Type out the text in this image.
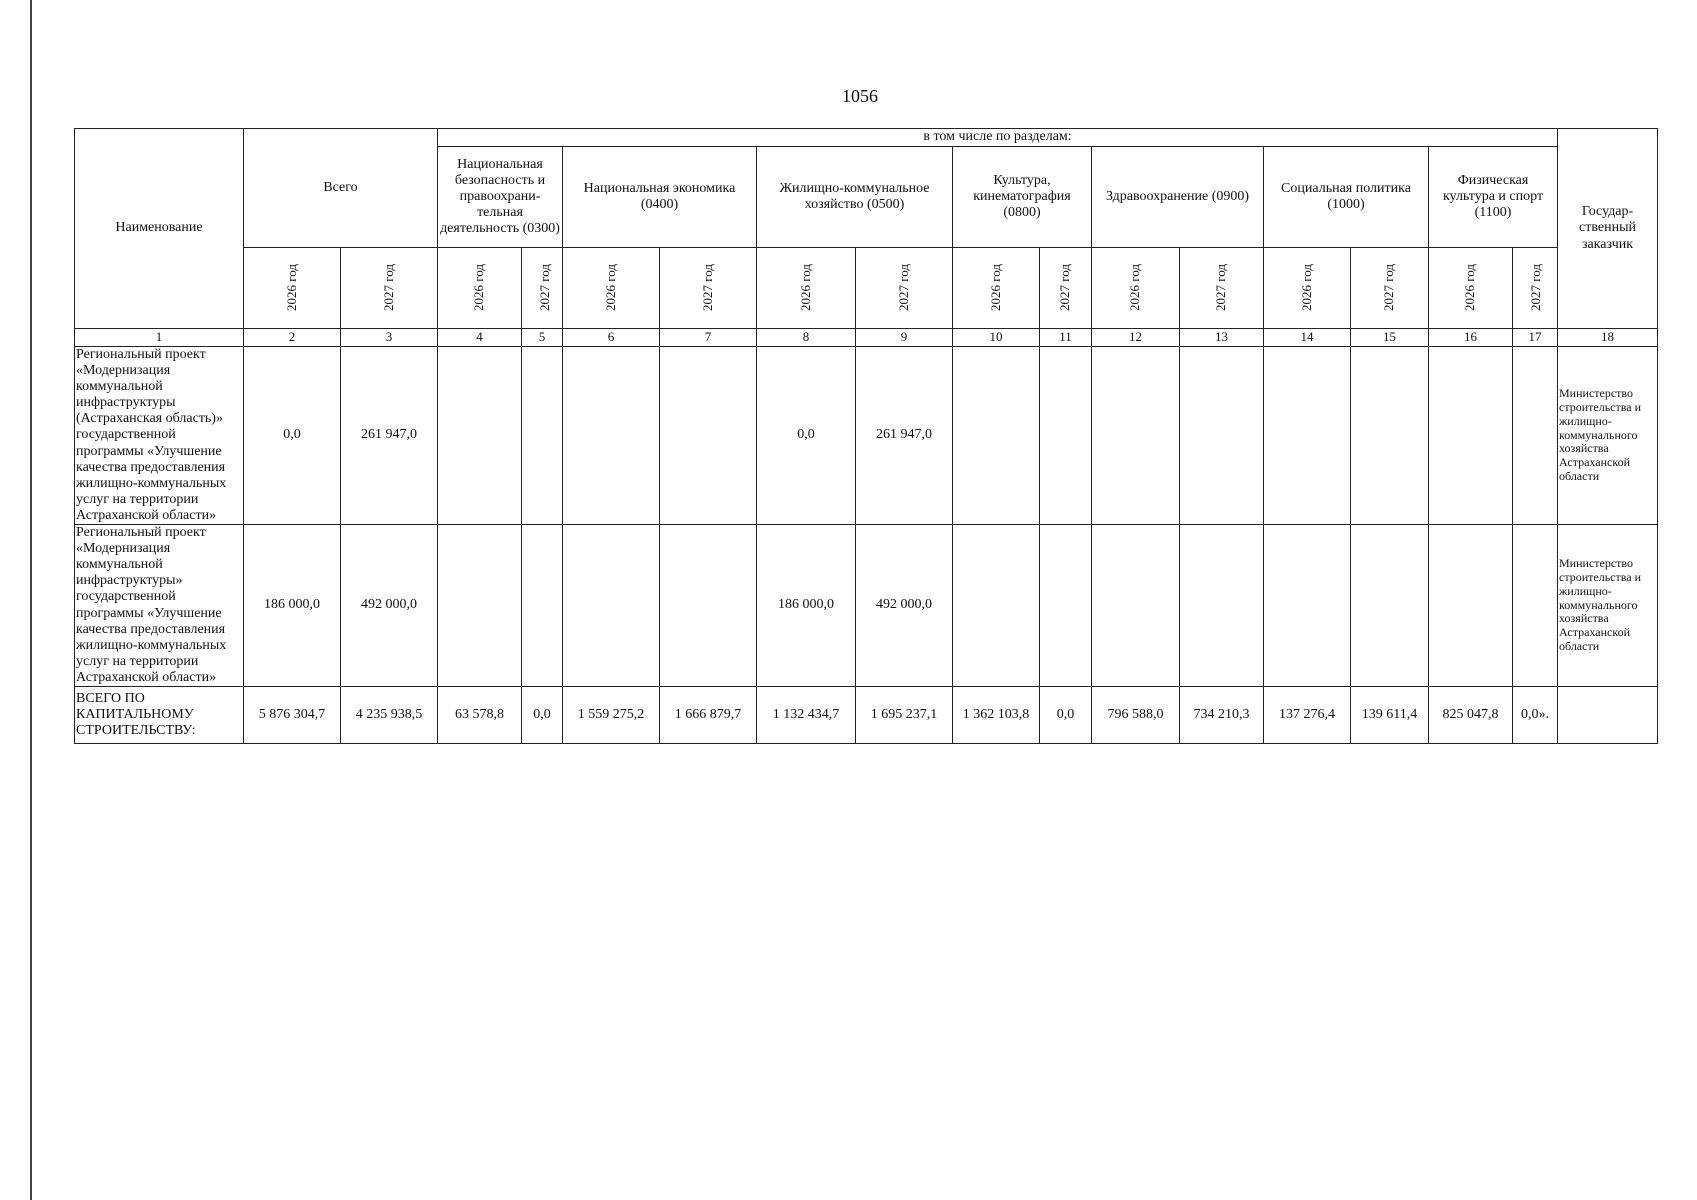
1056
Наименование	Всего		в том числе по разделам:														Государ-ственный заказчик
			Национальная безопасность и правоохрани-тельная деятельность (0300)		Национальная экономика (0400)		Жилищно-коммунальное хозяйство (0500)		Культура, кинематография (0800)		Здравоохранение (0900)		Социальная политика (1000)		Физическая культура и спорт (1100)		
	2026 год	2027 год	2026 год	2027 год	2026 год	2027 год	2026 год	2027 год	2026 год	2027 год	2026 год	2027 год	2026 год	2027 год	2026 год	2027 год	
1	2	3	4	5	6	7	8	9	10	11	12	13	14	15	16	17	18
Региональный проект «Модернизация коммунальной инфраструктуры (Астраханская область)» государственной программы «Улучшение качества предоставления жилищно-коммунальных услуг на территории Астраханской области»	0,0	261 947,0					0,0	261 947,0									Министерство строительства и жилищно-коммунального хозяйства Астраханской области
Региональный проект «Модернизация коммунальной инфраструктуры» государственной программы «Улучшение качества предоставления жилищно-коммунальных услуг на территории Астраханской области»	186 000,0	492 000,0					186 000,0	492 000,0									Министерство строительства и жилищно-коммунального хозяйства Астраханской области
ВСЕГО ПО КАПИТАЛЬНОМУ СТРОИТЕЛЬСТВУ:	5 876 304,7	4 235 938,5	63 578,8	0,0	1 559 275,2	1 666 879,7	1 132 434,7	1 695 237,1	1 362 103,8	0,0	796 588,0	734 210,3	137 276,4	139 611,4	825 047,8	0,0».	
